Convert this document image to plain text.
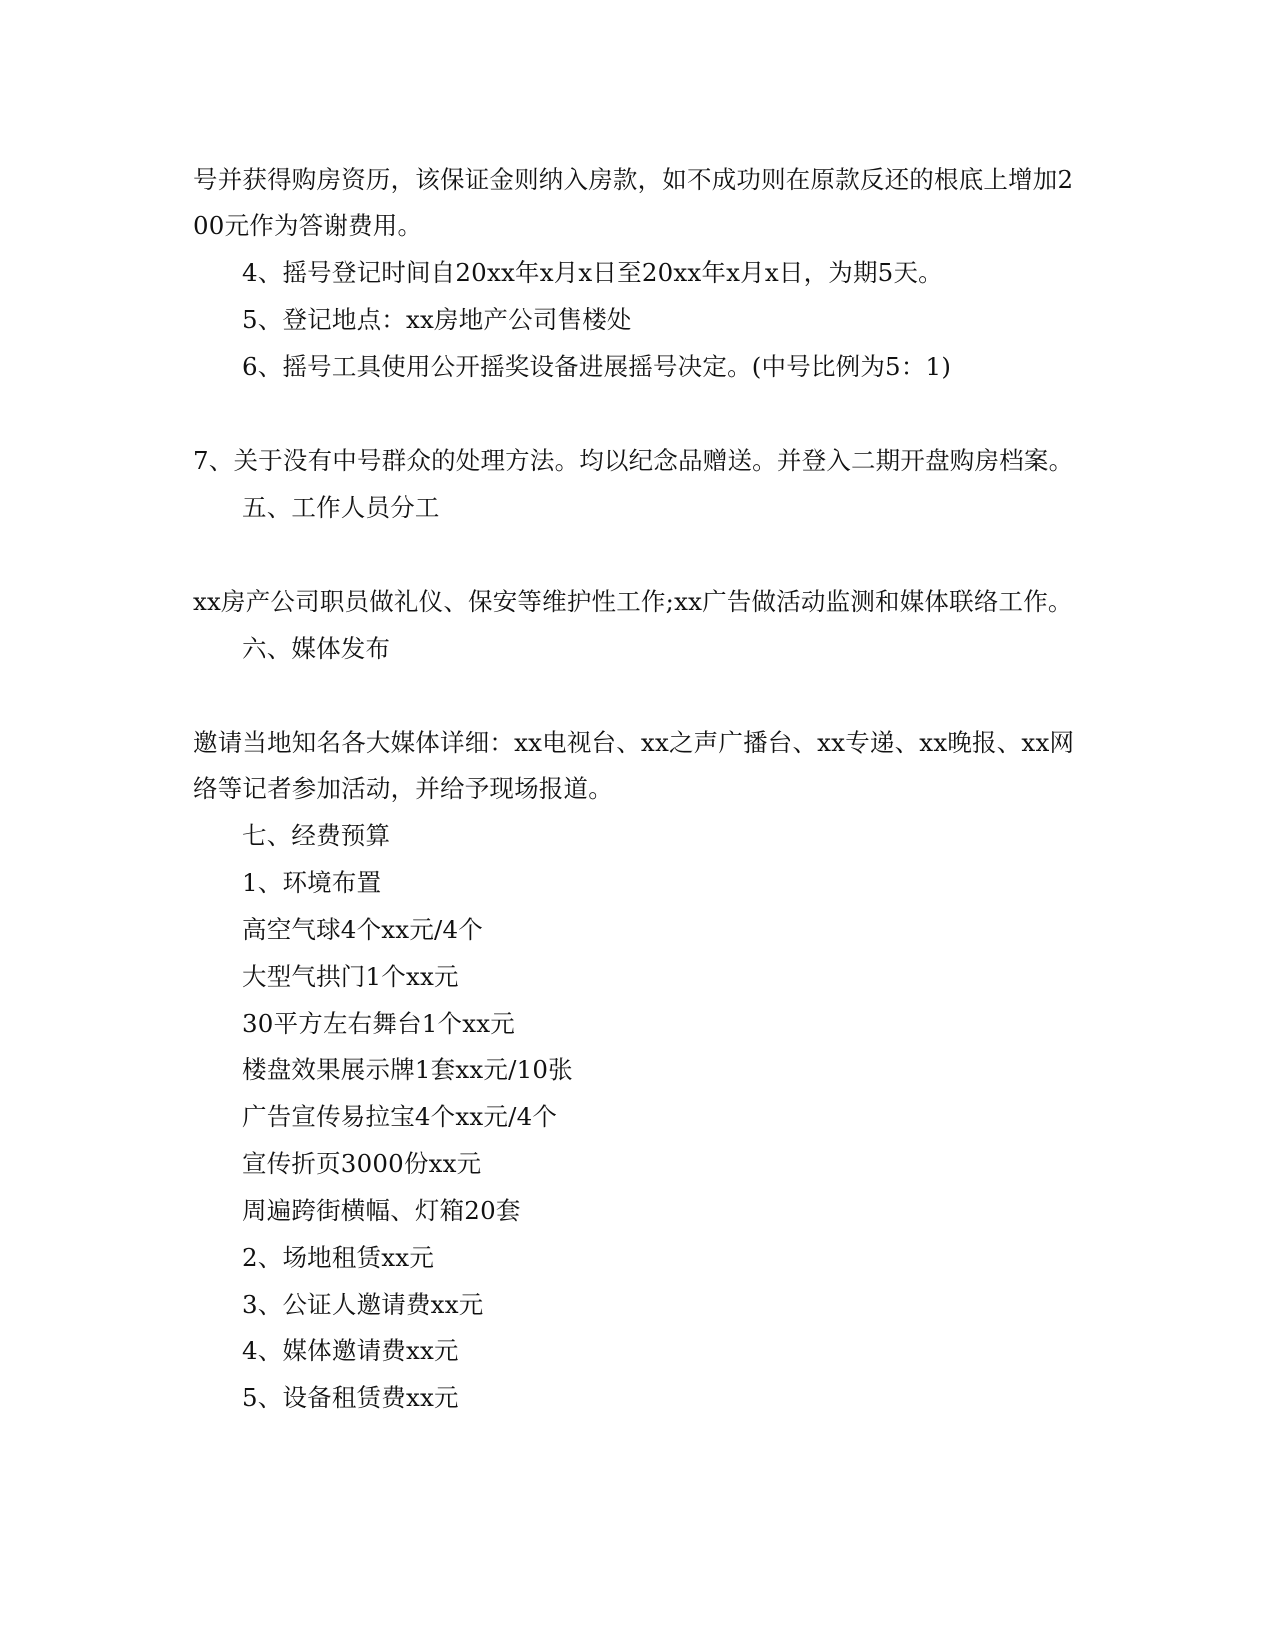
号并获得购房资历，该保证金则纳入房款，如不成功则在原款反还的根底上增加2
00元作为答谢费用。
4、摇号登记时间自20xx年x月x日至20xx年x月x日，为期5天。
5、登记地点：xx房地产公司售楼处
6、摇号工具使用公开摇奖设备进展摇号决定。(中号比例为5：1)
7、关于没有中号群众的处理方法。均以纪念品赠送。并登入二期开盘购房档案。
五、工作人员分工
xx房产公司职员做礼仪、保安等维护性工作;xx广告做活动监测和媒体联络工作。
六、媒体发布
邀请当地知名各大媒体详细：xx电视台、xx之声广播台、xx专递、xx晚报、xx网
络等记者参加活动，并给予现场报道。
七、经费预算
1、环境布置
高空气球4个xx元/4个
大型气拱门1个xx元
30平方左右舞台1个xx元
楼盘效果展示牌1套xx元/10张
广告宣传易拉宝4个xx元/4个
宣传折页3000份xx元
周遍跨街横幅、灯箱20套
2、场地租赁xx元
3、公证人邀请费xx元
4、媒体邀请费xx元
5、设备租赁费xx元
